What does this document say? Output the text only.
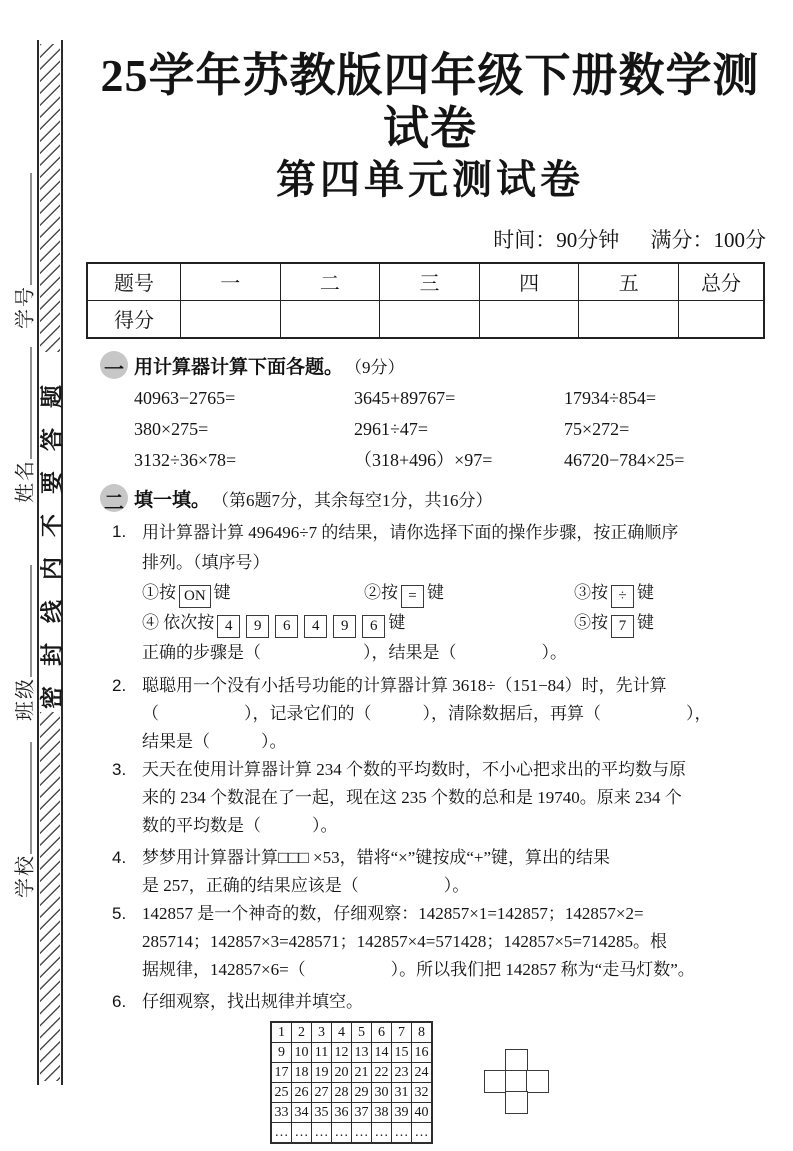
学号
姓名
班级
学校
密封线内不要答题
25学年苏教版四年级下册数学测试卷
第四单元测试卷
时间：90分钟 满分：100分
题号	一	二	三	四	五	总分
得分						
一 用计算器计算下面各题。 （9分）
40963−2765=	3645+89767=	17934÷854=
380×275=	2961÷47=	75×272=
3132÷36×78=	（318+496）×97=	46720−784×25=
二 填一填。 （第6题7分，其余每空1分，共16分）
1. 用计算器计算 496496÷7 的结果，请你选择下面的操作步骤，按正确顺序
排列。（填序号）
①按 ON 键	②按 = 键	③按 ÷ 键
④ 依次按 4 9 6 4 9 6 键	⑤按 7 键
正确的步骤是（　　　　　　），结果是（　　　　　）。
2. 聪聪用一个没有小括号功能的计算器计算 3618÷（151−84）时，先计算
（　　　　　），记录它们的（　　　），清除数据后，再算（　　　　　），
结果是（　　　）。
3. 天天在使用计算器计算 234 个数的平均数时，不小心把求出的平均数与原
来的 234 个数混在了一起，现在这 235 个数的总和是 19740。原来 234 个
数的平均数是（　　　）。
4. 梦梦用计算器计算□□□ ×53，错将“×”键按成“+”键，算出的结果
是 257，正确的结果应该是（　　　　　）。
5. 142857 是一个神奇的数，仔细观察：142857×1=142857；142857×2=
285714；142857×3=428571；142857×4=571428；142857×5=714285。根
据规律，142857×6=（　　　　　）。所以我们把 142857 称为“走马灯数”。
6. 仔细观察，找出规律并填空。
1	2	3	4	5	6	7	8
9	10	11	12	13	14	15	16
17	18	19	20	21	22	23	24
25	26	27	28	29	30	31	32
33	34	35	36	37	38	39	40
…	…	…	…	…	…	…	…
